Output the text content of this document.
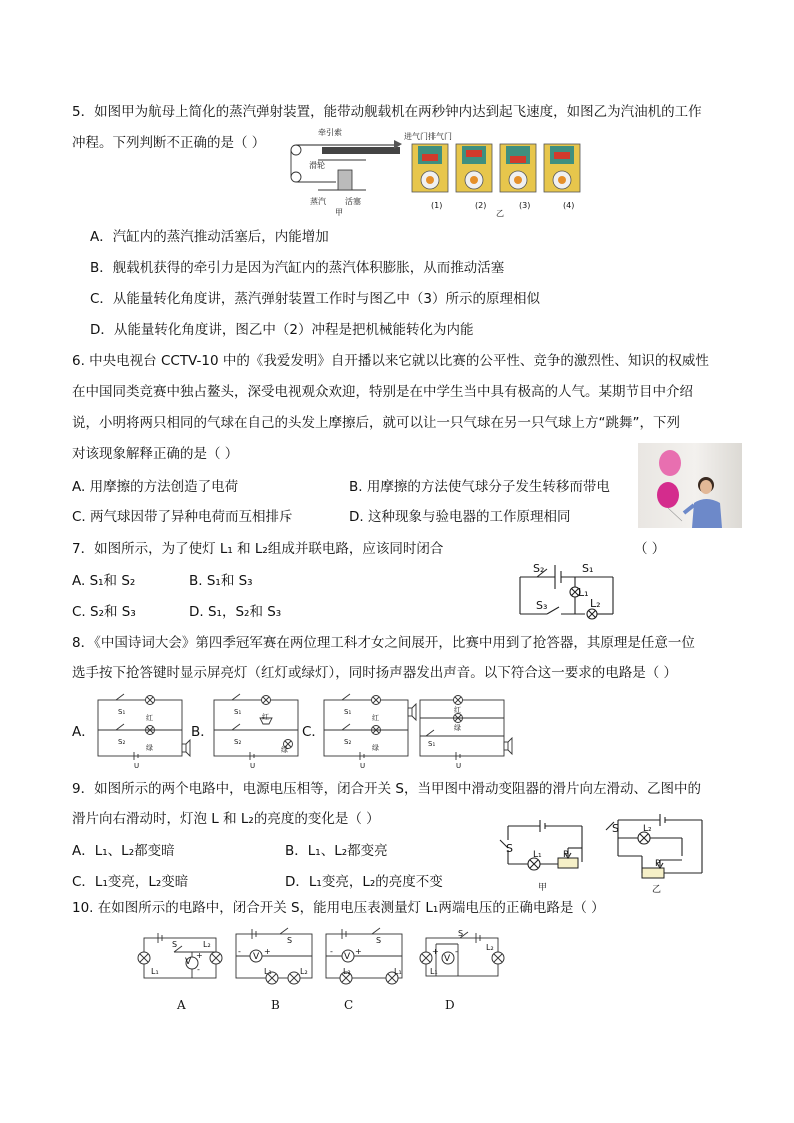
5．如图甲为航母上简化的蒸汽弹射装置，能带动舰载机在两秒钟内达到起飞速度，如图乙为汽油机的工作
冲程。下列判断不正确的是（ ）
牵引索
滑轮
蒸汽 活塞
甲
进气门 排气门
(1)	(2)	(3)	(4)
乙
A．汽缸内的蒸汽推动活塞后，内能增加
B．舰载机获得的牵引力是因为汽缸内的蒸汽体积膨胀，从而推动活塞
C．从能量转化角度讲，蒸汽弹射装置工作时与图乙中（3）所示的原理相似
D．从能量转化角度讲，图乙中（2）冲程是把机械能转化为内能
6. 中央电视台 CCTV-10 中的《我爱发明》自开播以来它就以比赛的公平性、竞争的激烈性、知识的权威性
在中国同类竞赛中独占鳌头，深受电视观众欢迎，特别是在中学生当中具有极高的人气。某期节目中介绍
说，小明将两只相同的气球在自己的头发上摩擦后，就可以让一只气球在另一只气球上方“跳舞”，下列
对该现象解释正确的是（ ）
A. 用摩擦的方法创造了电荷	B. 用摩擦的方法使气球分子发生转移而带电
C. 两气球因带了异种电荷而互相排斥	D. 这种现象与验电器的工作原理相同
7．如图所示，为了使灯 L₁ 和 L₂组成并联电路，应该同时闭合	（ ）
A. S₁和 S₂	B. S₁和 S₃
C. S₂和 S₃	D. S₁，S₂和 S₃
S₂	S₁
L₁
S₃	L₂
8．《中国诗词大会》第四季冠军赛在两位理工科才女之间展开，比赛中用到了抢答器，其原理是任意一位
选手按下抢答键时显示屏亮灯（红灯或绿灯），同时扬声器发出声音。以下符合这一要求的电路是（ ）
A．	B．	C．
S₁
S₂
红
绿
U
S₁
S₂
红
绿
U
S₁
S₂
红
绿
U
红
绿
S₁
U
9．如图所示的两个电路中，电源电压相等，闭合开关 S，当甲图中滑动变阻器的滑片向左滑动、乙图中的
滑片向右滑动时，灯泡 L 和 L₂的亮度的变化是（ ）
A．L₁、L₂都变暗	B．L₁、L₂都变亮
C．L₁变亮，L₂变暗	D．L₁变亮，L₂的亮度不变
S L₁ P
甲
S	L₂
P
乙
10. 在如图所示的电路中，闭合开关 S，能用电压表测量灯 L₁两端电压的正确电路是（ ）
V
S	L₂
L₁
+
-
V
S
+
-
L₁	L₂
V
S
+
-
L₂	L₁
V
S
L₂
L₁
+ -
A	B	C	D
